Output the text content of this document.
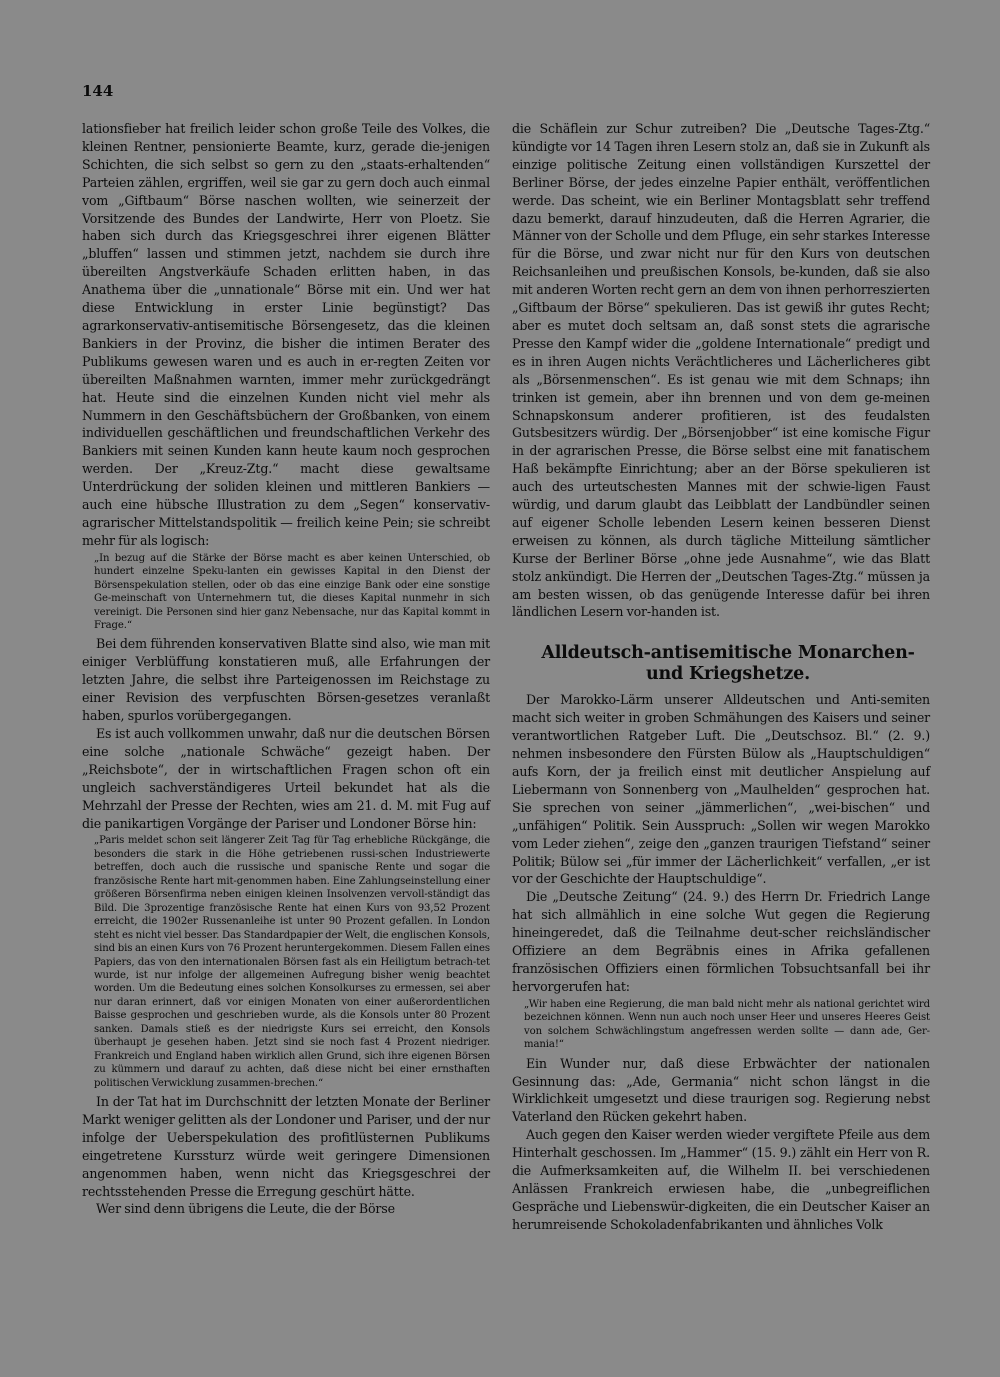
144

lationsfieber hat freilich leider schon große Teile des Volkes, die kleinen Rentner, pensionierte Beamte, kurz, gerade die-jenigen Schichten, die sich selbst so gern zu den „staats-erhaltenden“ Parteien zählen, ergriffen, weil sie gar zu gern doch auch einmal vom „Giftbaum“ Börse naschen wollten, wie seinerzeit der Vorsitzende des Bundes der Landwirte, Herr von Ploetz. Sie haben sich durch das Kriegsgeschrei ihrer eigenen Blätter „bluffen“ lassen und stimmen jetzt, nachdem sie durch ihre übereilten Angstverkäufe Schaden erlitten haben, in das Anathema über die „unnationale“ Börse mit ein. Und wer hat diese Entwicklung in erster Linie begünstigt? Das agrarkonservativ-antisemitische Börsengesetz, das die kleinen Bankiers in der Provinz, die bisher die intimen Berater des Publikums gewesen waren und es auch in er-regten Zeiten vor übereilten Maßnahmen warnten, immer mehr zurückgedrängt hat. Heute sind die einzelnen Kunden nicht viel mehr als Nummern in den Geschäftsbüchern der Großbanken, von einem individuellen geschäftlichen und freundschaftlichen Verkehr des Bankiers mit seinen Kunden kann heute kaum noch gesprochen werden. Der „Kreuz-Ztg.“ macht diese gewaltsame Unterdrückung der soliden kleinen und mittleren Bankiers — auch eine hübsche Illustration zu dem „Segen“ konservativ-agrarischer Mittelstandspolitik — freilich keine Pein; sie schreibt mehr für als logisch:

„In bezug auf die Stärke der Börse macht es aber keinen Unterschied, ob hundert einzelne Speku-lanten ein gewisses Kapital in den Dienst der Börsenspekulation stellen, oder ob das eine einzige Bank oder eine sonstige Ge-meinschaft von Unternehmern tut, die dieses Kapital nunmehr in sich vereinigt. Die Personen sind hier ganz Nebensache, nur das Kapital kommt in Frage.“

Bei dem führenden konservativen Blatte sind also, wie man mit einiger Verblüffung konstatieren muß, alle Erfahrungen der letzten Jahre, die selbst ihre Parteigenossen im Reichstage zu einer Revision des verpfuschten Börsen-gesetzes veranlaßt haben, spurlos vorübergegangen.

Es ist auch vollkommen unwahr, daß nur die deutschen Börsen eine solche „nationale Schwäche“ gezeigt haben. Der „Reichsbote“, der in wirtschaftlichen Fragen schon oft ein ungleich sachverständigeres Urteil bekundet hat als die Mehrzahl der Presse der Rechten, wies am 21. d. M. mit Fug auf die panikartigen Vorgänge der Pariser und Londoner Börse hin:

„Paris meldet schon seit längerer Zeit Tag für Tag erhebliche Rückgänge, die besonders die stark in die Höhe getriebenen russi-schen Industriewerte betreffen, doch auch die russische und spanische Rente und sogar die französische Rente hart mit-genommen haben. Eine Zahlungseinstellung einer größeren Börsenfirma neben einigen kleinen Insolvenzen vervoll-ständigt das Bild. Die 3prozentige französische Rente hat einen Kurs von 93,52 Prozent erreicht, die 1902er Russenanleihe ist unter 90 Prozent gefallen. In London steht es nicht viel besser. Das Standardpapier der Welt, die englischen Konsols, sind bis an einen Kurs von 76 Prozent heruntergekommen. Diesem Fallen eines Papiers, das von den internationalen Börsen fast als ein Heiligtum betrach-tet wurde, ist nur infolge der allgemeinen Aufregung bisher wenig beachtet worden. Um die Bedeutung eines solchen Konsolkurses zu ermessen, sei aber nur daran erinnert, daß vor einigen Monaten von einer außerordentlichen Baisse gesprochen und geschrieben wurde, als die Konsols unter 80 Prozent sanken. Damals stieß es der niedrigste Kurs sei erreicht, den Konsols überhaupt je gesehen haben. Jetzt sind sie noch fast 4 Prozent niedriger. Frankreich und England haben wirklich allen Grund, sich ihre eigenen Börsen zu kümmern und darauf zu achten, daß diese nicht bei einer ernsthaften politischen Verwicklung zusammen-brechen.“

In der Tat hat im Durchschnitt der letzten Monate der Berliner Markt weniger gelitten als der Londoner und Pariser, und der nur infolge der Ueberspekulation des profitlüsternen Publikums eingetretene Kurssturz würde weit geringere Dimensionen angenommen haben, wenn nicht das Kriegsgeschrei der rechtsstehenden Presse die Erregung geschürt hätte.

Wer sind denn übrigens die Leute, die der Börse

die Schäflein zur Schur zutreiben? Die „Deutsche Tages-Ztg.“ kündigte vor 14 Tagen ihren Lesern stolz an, daß sie in Zukunft als einzige politische Zeitung einen vollständigen Kurszettel der Berliner Börse, der jedes einzelne Papier enthält, veröffentlichen werde. Das scheint, wie ein Berliner Montagsblatt sehr treffend dazu bemerkt, darauf hinzudeuten, daß die Herren Agrarier, die Männer von der Scholle und dem Pfluge, ein sehr starkes Interesse für die Börse, und zwar nicht nur für den Kurs von deutschen Reichsanleihen und preußischen Konsols, be-kunden, daß sie also mit anderen Worten recht gern an dem von ihnen perhorreszierten „Giftbaum der Börse“ spekulieren. Das ist gewiß ihr gutes Recht; aber es mutet doch seltsam an, daß sonst stets die agrarische Presse den Kampf wider die „goldene Internationale“ predigt und es in ihren Augen nichts Verächtlicheres und Lächerlicheres gibt als „Börsenmenschen“. Es ist genau wie mit dem Schnaps; ihn trinken ist gemein, aber ihn brennen und von dem ge-meinen Schnapskonsum anderer profitieren, ist des feudalsten Gutsbesitzers würdig. Der „Börsenjobber“ ist eine komische Figur in der agrarischen Presse, die Börse selbst eine mit fanatischem Haß bekämpfte Einrichtung; aber an der Börse spekulieren ist auch des urteutschesten Mannes mit der schwie-ligen Faust würdig, und darum glaubt das Leibblatt der Landbündler seinen auf eigener Scholle lebenden Lesern keinen besseren Dienst erweisen zu können, als durch tägliche Mitteilung sämtlicher Kurse der Berliner Börse „ohne jede Ausnahme“, wie das Blatt stolz ankündigt. Die Herren der „Deutschen Tages-Ztg.“ müssen ja am besten wissen, ob das genügende Interesse dafür bei ihren ländlichen Lesern vor-handen ist.

Alldeutsch-antisemitische Monarchen- und Kriegshetze.

Der Marokko-Lärm unserer Alldeutschen und Anti-semiten macht sich weiter in groben Schmähungen des Kaisers und seiner verantwortlichen Ratgeber Luft. Die „Deutschsoz. Bl.“ (2. 9.) nehmen insbesondere den Fürsten Bülow als „Hauptschuldigen“ aufs Korn, der ja freilich einst mit deutlicher Anspielung auf Liebermann von Sonnenberg von „Maulhelden“ gesprochen hat. Sie sprechen von seiner „jämmerlichen“, „wei-bischen“ und „unfähigen“ Politik. Sein Ausspruch: „Sollen wir wegen Marokko vom Leder ziehen“, zeige den „ganzen traurigen Tiefstand“ seiner Politik; Bülow sei „für immer der Lächerlichkeit“ verfallen, „er ist vor der Geschichte der Hauptschuldige“.

Die „Deutsche Zeitung“ (24. 9.) des Herrn Dr. Friedrich Lange hat sich allmählich in eine solche Wut gegen die Regierung hineingeredet, daß die Teilnahme deut-scher reichsländischer Offiziere an dem Begräbnis eines in Afrika gefallenen französischen Offiziers einen förmlichen Tobsuchtsanfall bei ihr hervorgerufen hat:

„Wir haben eine Regierung, die man bald nicht mehr als national gerichtet wird bezeichnen können. Wenn nun auch noch unser Heer und unseres Heeres Geist von solchem Schwächlingstum angefressen werden sollte — dann ade, Ger-mania!“

Ein Wunder nur, daß diese Erbwächter der nationalen Gesinnung das: „Ade, Germania“ nicht schon längst in die Wirklichkeit umgesetzt und diese traurigen sog. Regierung nebst Vaterland den Rücken gekehrt haben.

Auch gegen den Kaiser werden wieder vergiftete Pfeile aus dem Hinterhalt geschossen. Im „Hammer“ (15. 9.) zählt ein Herr von R. die Aufmerksamkeiten auf, die Wilhelm II. bei verschiedenen Anlässen Frankreich erwiesen habe, die „unbegreiflichen Gespräche und Liebenswür-digkeiten, die ein Deutscher Kaiser an herumreisende Schokoladenfabrikanten und ähnliches Volk
